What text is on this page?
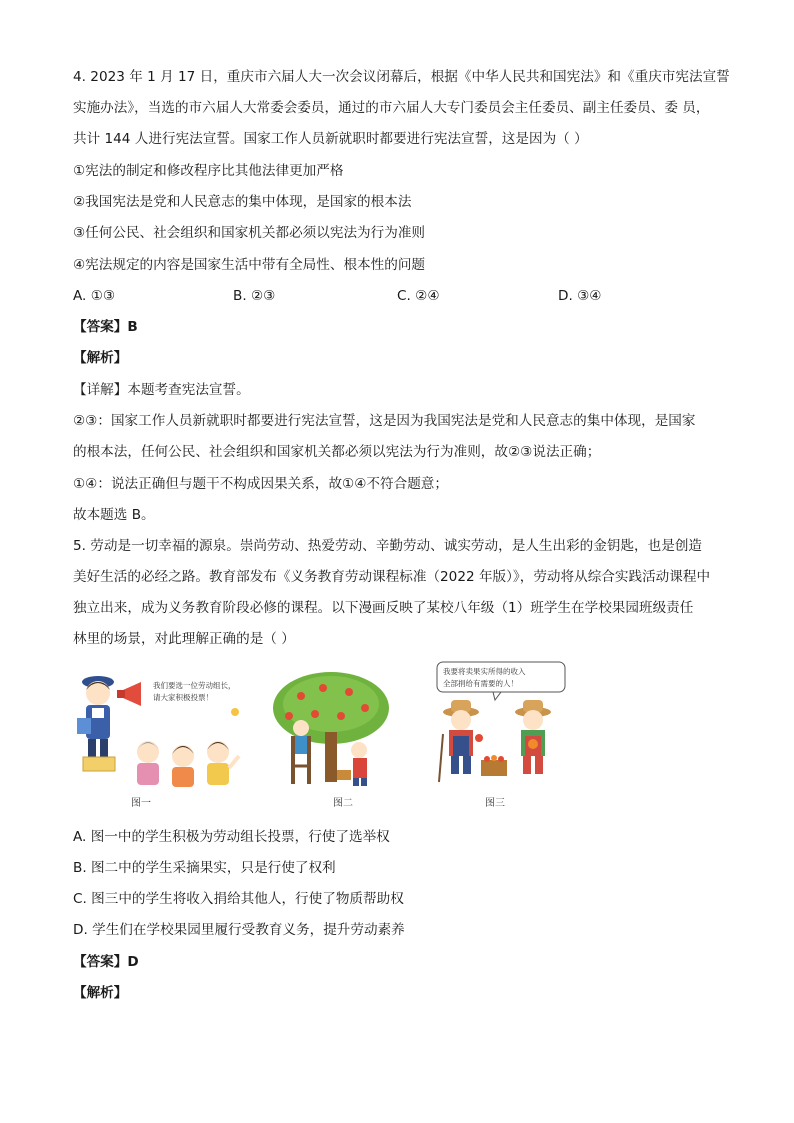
4. 2023 年 1 月 17 日，重庆市六届人大一次会议闭幕后，根据《中华人民共和国宪法》和《重庆市宪法宣誓
实施办法》，当选的市六届人大常委会委员，通过的市六届人大专门委员会主任委员、副主任委员、委 员，
共计 144 人进行宪法宣誓。国家工作人员新就职时都要进行宪法宣誓，这是因为（ ）
①宪法的制定和修改程序比其他法律更加严格
②我国宪法是党和人民意志的集中体现，是国家的根本法
③任何公民、社会组织和国家机关都必须以宪法为行为准则
④宪法规定的内容是国家生活中带有全局性、根本性的问题
A. ①③	B. ②③	C. ②④	D. ③④
【答案】B
【解析】
【详解】本题考查宪法宣誓。
②③：国家工作人员新就职时都要进行宪法宣誓，这是因为我国宪法是党和人民意志的集中体现，是国家
的根本法，任何公民、社会组织和国家机关都必须以宪法为行为准则，故②③说法正确；
①④：说法正确但与题干不构成因果关系，故①④不符合题意；
故本题选 B。
5. 劳动是一切幸福的源泉。崇尚劳动、热爱劳动、辛勤劳动、诚实劳动，是人生出彩的金钥匙，也是创造
美好生活的必经之路。教育部发布《义务教育劳动课程标准（2022 年版）》，劳动将从综合实践活动课程中
独立出来，成为义务教育阶段必修的课程。以下漫画反映了某校八年级（1）班学生在学校果园班级责任
林里的场景，对此理解正确的是（ ）
我们要选一位劳动组长，
请大家积极投票！
图一	图二
我要将卖果实所得的收入
全部捐给有需要的人！
图三
A. 图一中的学生积极为劳动组长投票，行使了选举权
B. 图二中的学生采摘果实，只是行使了权利
C. 图三中的学生将收入捐给其他人，行使了物质帮助权
D. 学生们在学校果园里履行受教育义务，提升劳动素养
【答案】D
【解析】
